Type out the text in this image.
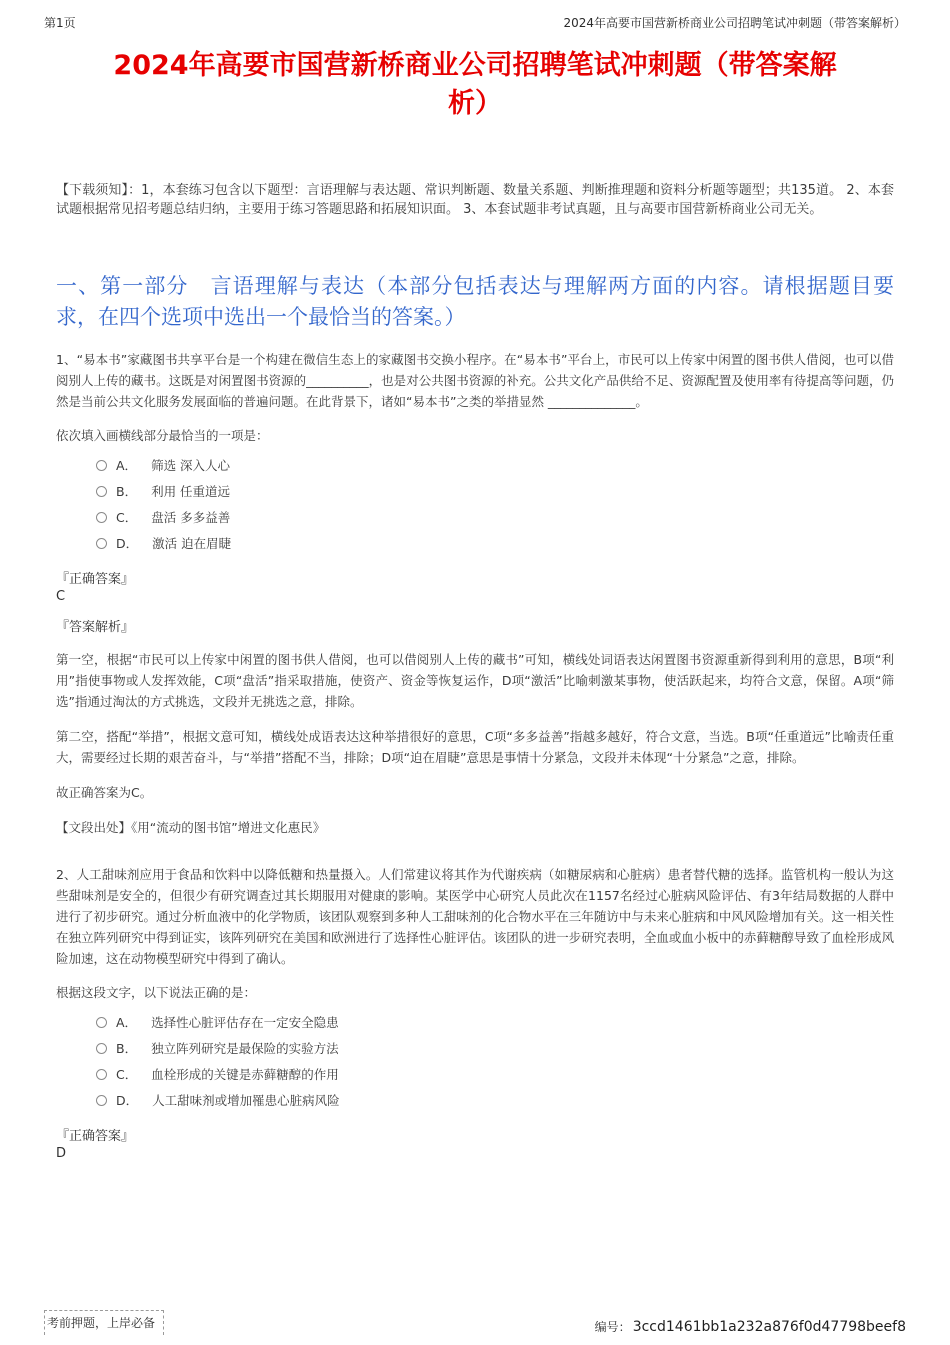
第1页	2024年高要市国营新桥商业公司招聘笔试冲刺题（带答案解析）
2024年高要市国营新桥商业公司招聘笔试冲刺题（带答案解析）

【下载须知】：1，本套练习包含以下题型：言语理解与表达题、常识判断题、数量关系题、判断推理题和资料分析题等题型；共135道。 2、本套试题根据常见招考题总结归纳，主要用于练习答题思路和拓展知识面。 3、本套试题非考试真题，且与高要市国营新桥商业公司无关。

一、第一部分　言语理解与表达（本部分包括表达与理解两方面的内容。请根据题目要求，在四个选项中选出一个最恰当的答案。）

1、“易本书”家藏图书共享平台是一个构建在微信生态上的家藏图书交换小程序。在“易本书”平台上，市民可以上传家中闲置的图书供人借阅，也可以借阅别人上传的藏书。这既是对闲置图书资源的__________，也是对公共图书资源的补充。公共文化产品供给不足、资源配置及使用率有待提高等问题，仍然是当前公共文化服务发展面临的普遍问题。在此背景下，诸如“易本书”之类的举措显然 ______________。

依次填入画横线部分最恰当的一项是：

A． 筛选 深入人心
B． 利用 任重道远
C． 盘活 多多益善
D． 激活 迫在眉睫
『正确答案』
C
『答案解析』

第一空，根据“市民可以上传家中闲置的图书供人借阅，也可以借阅别人上传的藏书”可知，横线处词语表达闲置图书资源重新得到利用的意思，B项“利用”指使事物或人发挥效能，C项“盘活”指采取措施，使资产、资金等恢复运作，D项“激活”比喻刺激某事物，使活跃起来，均符合文意，保留。A项“筛选”指通过淘汰的方式挑选，文段并无挑选之意，排除。

第二空，搭配“举措”，根据文意可知，横线处成语表达这种举措很好的意思，C项“多多益善”指越多越好，符合文意，当选。B项“任重道远”比喻责任重大，需要经过长期的艰苦奋斗，与“举措”搭配不当，排除；D项“迫在眉睫”意思是事情十分紧急，文段并未体现“十分紧急”之意，排除。

故正确答案为C。

【文段出处】《用“流动的图书馆”增进文化惠民》

2、人工甜味剂应用于食品和饮料中以降低糖和热量摄入。人们常建议将其作为代谢疾病（如糖尿病和心脏病）患者替代糖的选择。监管机构一般认为这些甜味剂是安全的，但很少有研究调查过其长期服用对健康的影响。某医学中心研究人员此次在1157名经过心脏病风险评估、有3年结局数据的人群中进行了初步研究。通过分析血液中的化学物质，该团队观察到多种人工甜味剂的化合物水平在三年随访中与未来心脏病和中风风险增加有关。这一相关性在独立阵列研究中得到证实，该阵列研究在美国和欧洲进行了选择性心脏评估。该团队的进一步研究表明，全血或血小板中的赤藓糖醇导致了血栓形成风险加速，这在动物模型研究中得到了确认。

根据这段文字，以下说法正确的是：

A． 选择性心脏评估存在一定安全隐患
B． 独立阵列研究是最保险的实验方法
C． 血栓形成的关键是赤藓糖醇的作用
D． 人工甜味剂或增加罹患心脏病风险
『正确答案』
D
考前押题，上岸必备	编号： 3ccd1461bb1a232a876f0d47798beef8
